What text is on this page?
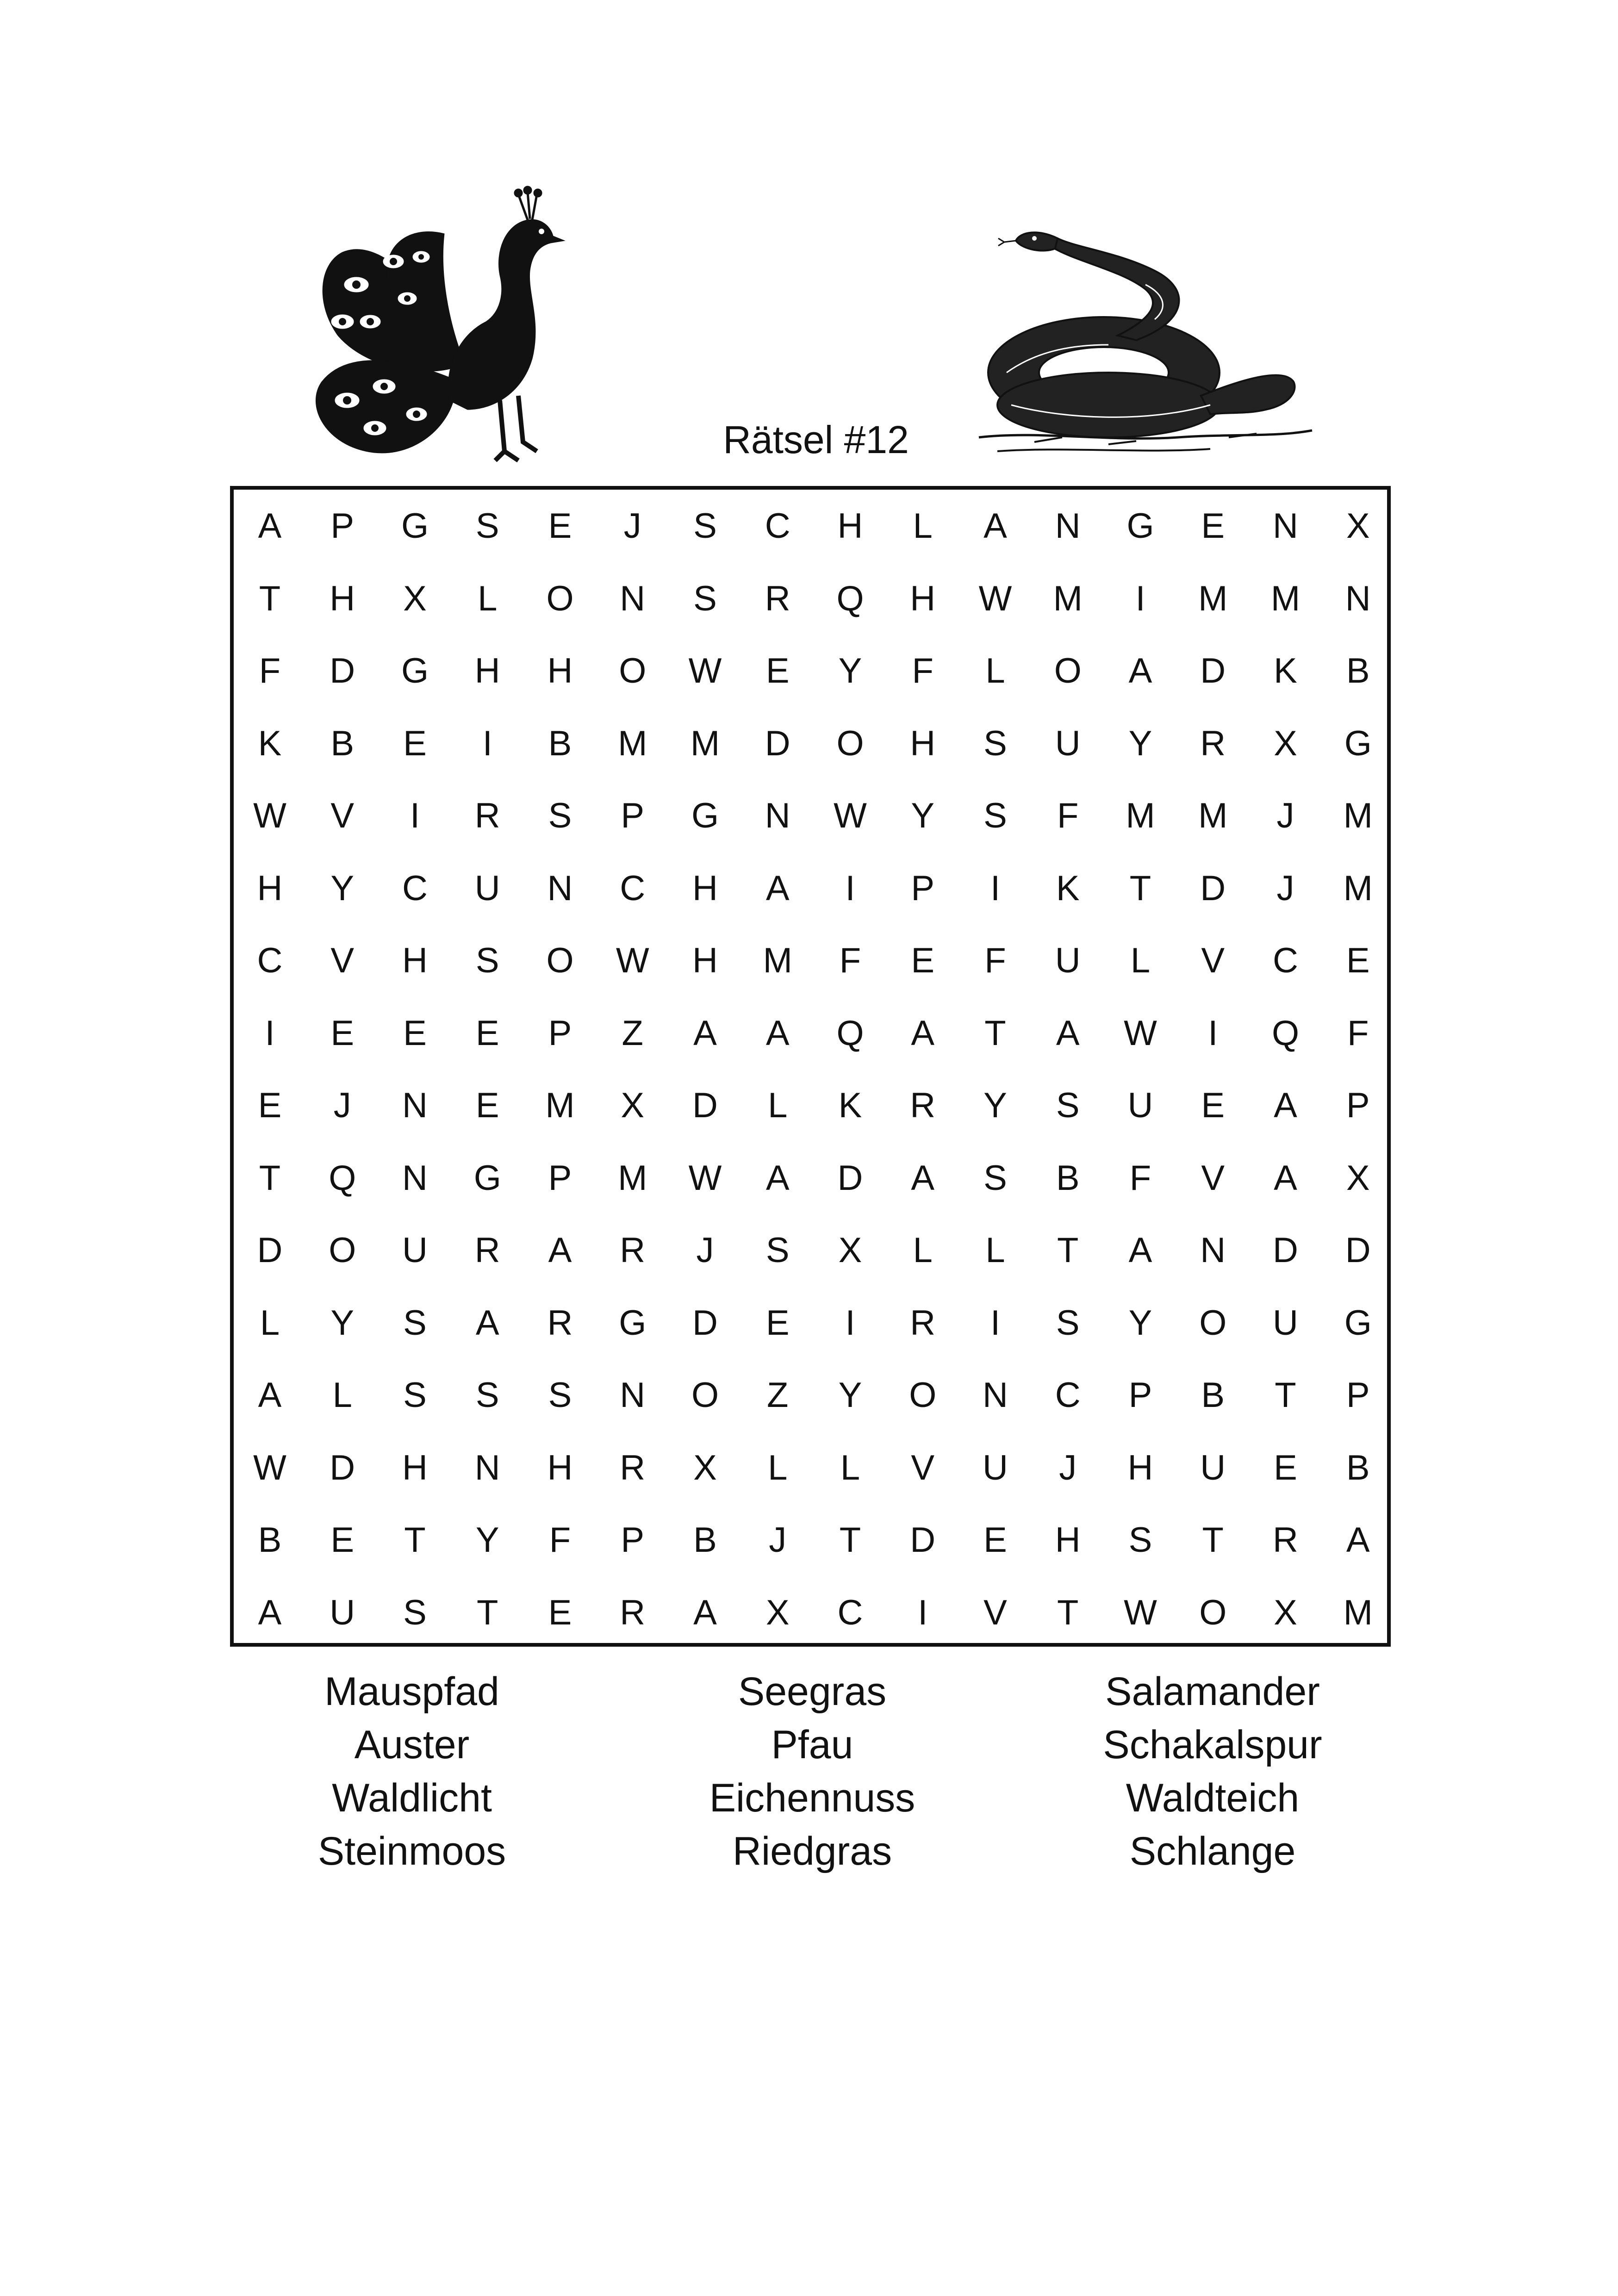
Rätsel #12
A	P	G	S	E	J	S	C	H	L	A	N	G	E	N	X
T	H	X	L	O	N	S	R	Q	H	W	M	I	M	M	N
F	D	G	H	H	O	W	E	Y	F	L	O	A	D	K	B
K	B	E	I	B	M	M	D	O	H	S	U	Y	R	X	G
W	V	I	R	S	P	G	N	W	Y	S	F	M	M	J	M
H	Y	C	U	N	C	H	A	I	P	I	K	T	D	J	M
C	V	H	S	O	W	H	M	F	E	F	U	L	V	C	E
I	E	E	E	P	Z	A	A	Q	A	T	A	W	I	Q	F
E	J	N	E	M	X	D	L	K	R	Y	S	U	E	A	P
T	Q	N	G	P	M	W	A	D	A	S	B	F	V	A	X
D	O	U	R	A	R	J	S	X	L	L	T	A	N	D	D
L	Y	S	A	R	G	D	E	I	R	I	S	Y	O	U	G
A	L	S	S	S	N	O	Z	Y	O	N	C	P	B	T	P
W	D	H	N	H	R	X	L	L	V	U	J	H	U	E	B
B	E	T	Y	F	P	B	J	T	D	E	H	S	T	R	A
A	U	S	T	E	R	A	X	C	I	V	T	W	O	X	M
Mauspfad
Auster
Waldlicht
Steinmoos
Seegras
Pfau
Eichennuss
Riedgras
Salamander
Schakalspur
Waldteich
Schlange
